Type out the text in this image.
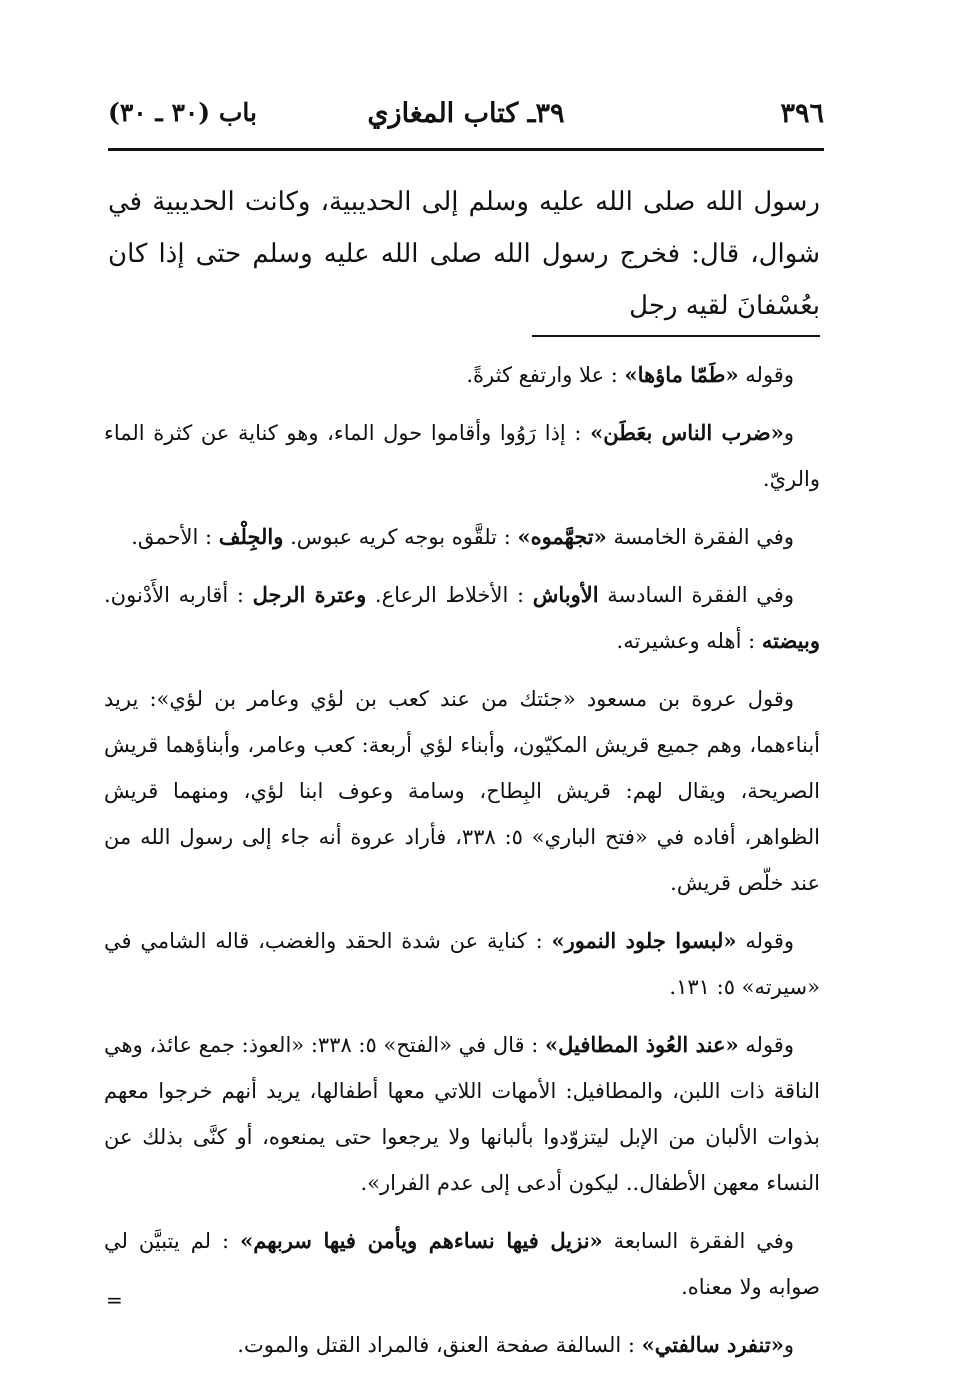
٣٩٦
٣٩ـ كتاب المغازي
باب (٣٠ ـ ٣٠)

رسول الله صلى الله عليه وسلم إلى الحديبية، وكانت الحديبية في شوال، قال: فخرج رسول الله صلى الله عليه وسلم حتى إذا كان بعُسْفانَ لقيه رجل

وقوله «طَمّا ماؤها» : علا وارتفع كثرةً.

و«ضرب الناس بعَطَن» : إذا رَوُوا وأقاموا حول الماء، وهو كناية عن كثرة الماء والريّ.

وفي الفقرة الخامسة «تجهَّموه» : تلقَّوه بوجه كريه عبوس. والجِلْف : الأحمق.

وفي الفقرة السادسة الأوباش : الأخلاط الرعاع. وعترة الرجل : أقاربه الأَدْنون. وبيضته : أهله وعشيرته.

وقول عروة بن مسعود «جئتك من عند كعب بن لؤي وعامر بن لؤي»: يريد أبناءهما، وهم جميع قريش المكيّون، وأبناء لؤي أربعة: كعب وعامر، وأبناؤهما قريش الصريحة، ويقال لهم: قريش البِطاح، وسامة وعوف ابنا لؤي، ومنهما قريش الظواهر، أفاده في «فتح الباري» ٥: ٣٣٨، فأراد عروة أنه جاء إلى رسول الله من عند خلّص قريش.

وقوله «لبسوا جلود النمور» : كناية عن شدة الحقد والغضب، قاله الشامي في «سيرته» ٥: ١٣١.

وقوله «عند العُوذ المطافيل» : قال في «الفتح» ٥: ٣٣٨: «العوذ: جمع عائذ، وهي الناقة ذات اللبن، والمطافيل: الأمهات اللاتي معها أطفالها، يريد أنهم خرجوا معهم بذوات الألبان من الإبل ليتزوّدوا بألبانها ولا يرجعوا حتى يمنعوه، أو كنَّى بذلك عن النساء معهن الأطفال.. ليكون أدعى إلى عدم الفرار».

وفي الفقرة السابعة «نزيل فيها نساءهم ويأمن فيها سربهم» : لم يتبيَّن لي صوابه ولا معناه.

و«تنفرد سالفتي» : السالفة صفحة العنق، فالمراد القتل والموت.

=
